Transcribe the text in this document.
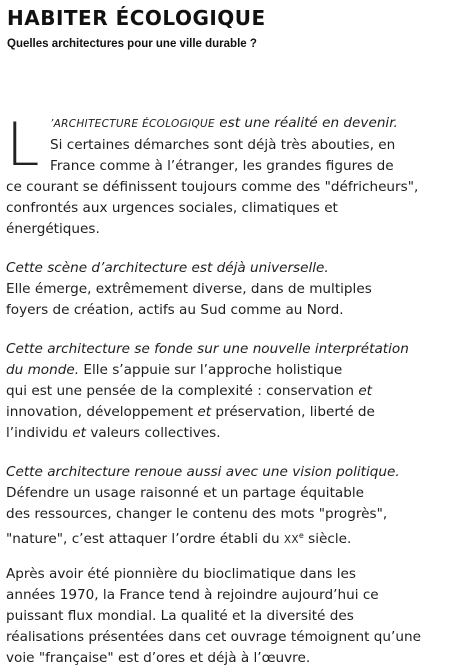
HABITER ÉCOLOGIQUE
Quelles architectures pour une ville durable ?
L	’ARCHITECTURE ÉCOLOGIQUE est une réalité en devenir.
Si certaines démarches sont déjà très abouties, en
France comme à l’étranger, les grandes figures de
ce courant se définissent toujours comme des "défricheurs",
confrontés aux urgences sociales, climatiques et
énergétiques.
Cette scène d’architecture est déjà universelle.
Elle émerge, extrêmement diverse, dans de multiples
foyers de création, actifs au Sud comme au Nord.
Cette architecture se fonde sur une nouvelle interprétation
du monde. Elle s’appuie sur l’approche holistique
qui est une pensée de la complexité : conservation et
innovation, développement et préservation, liberté de
l’individu et valeurs collectives.
Cette architecture renoue aussi avec une vision politique.
Défendre un usage raisonné et un partage équitable
des ressources, changer le contenu des mots "progrès",
"nature", c’est attaquer l’ordre établi du XXe siècle.
Après avoir été pionnière du bioclimatique dans les
années 1970, la France tend à rejoindre aujourd’hui ce
puissant flux mondial. La qualité et la diversité des
réalisations présentées dans cet ouvrage témoignent qu’une
voie "française" est d’ores et déjà à l’œuvre.
